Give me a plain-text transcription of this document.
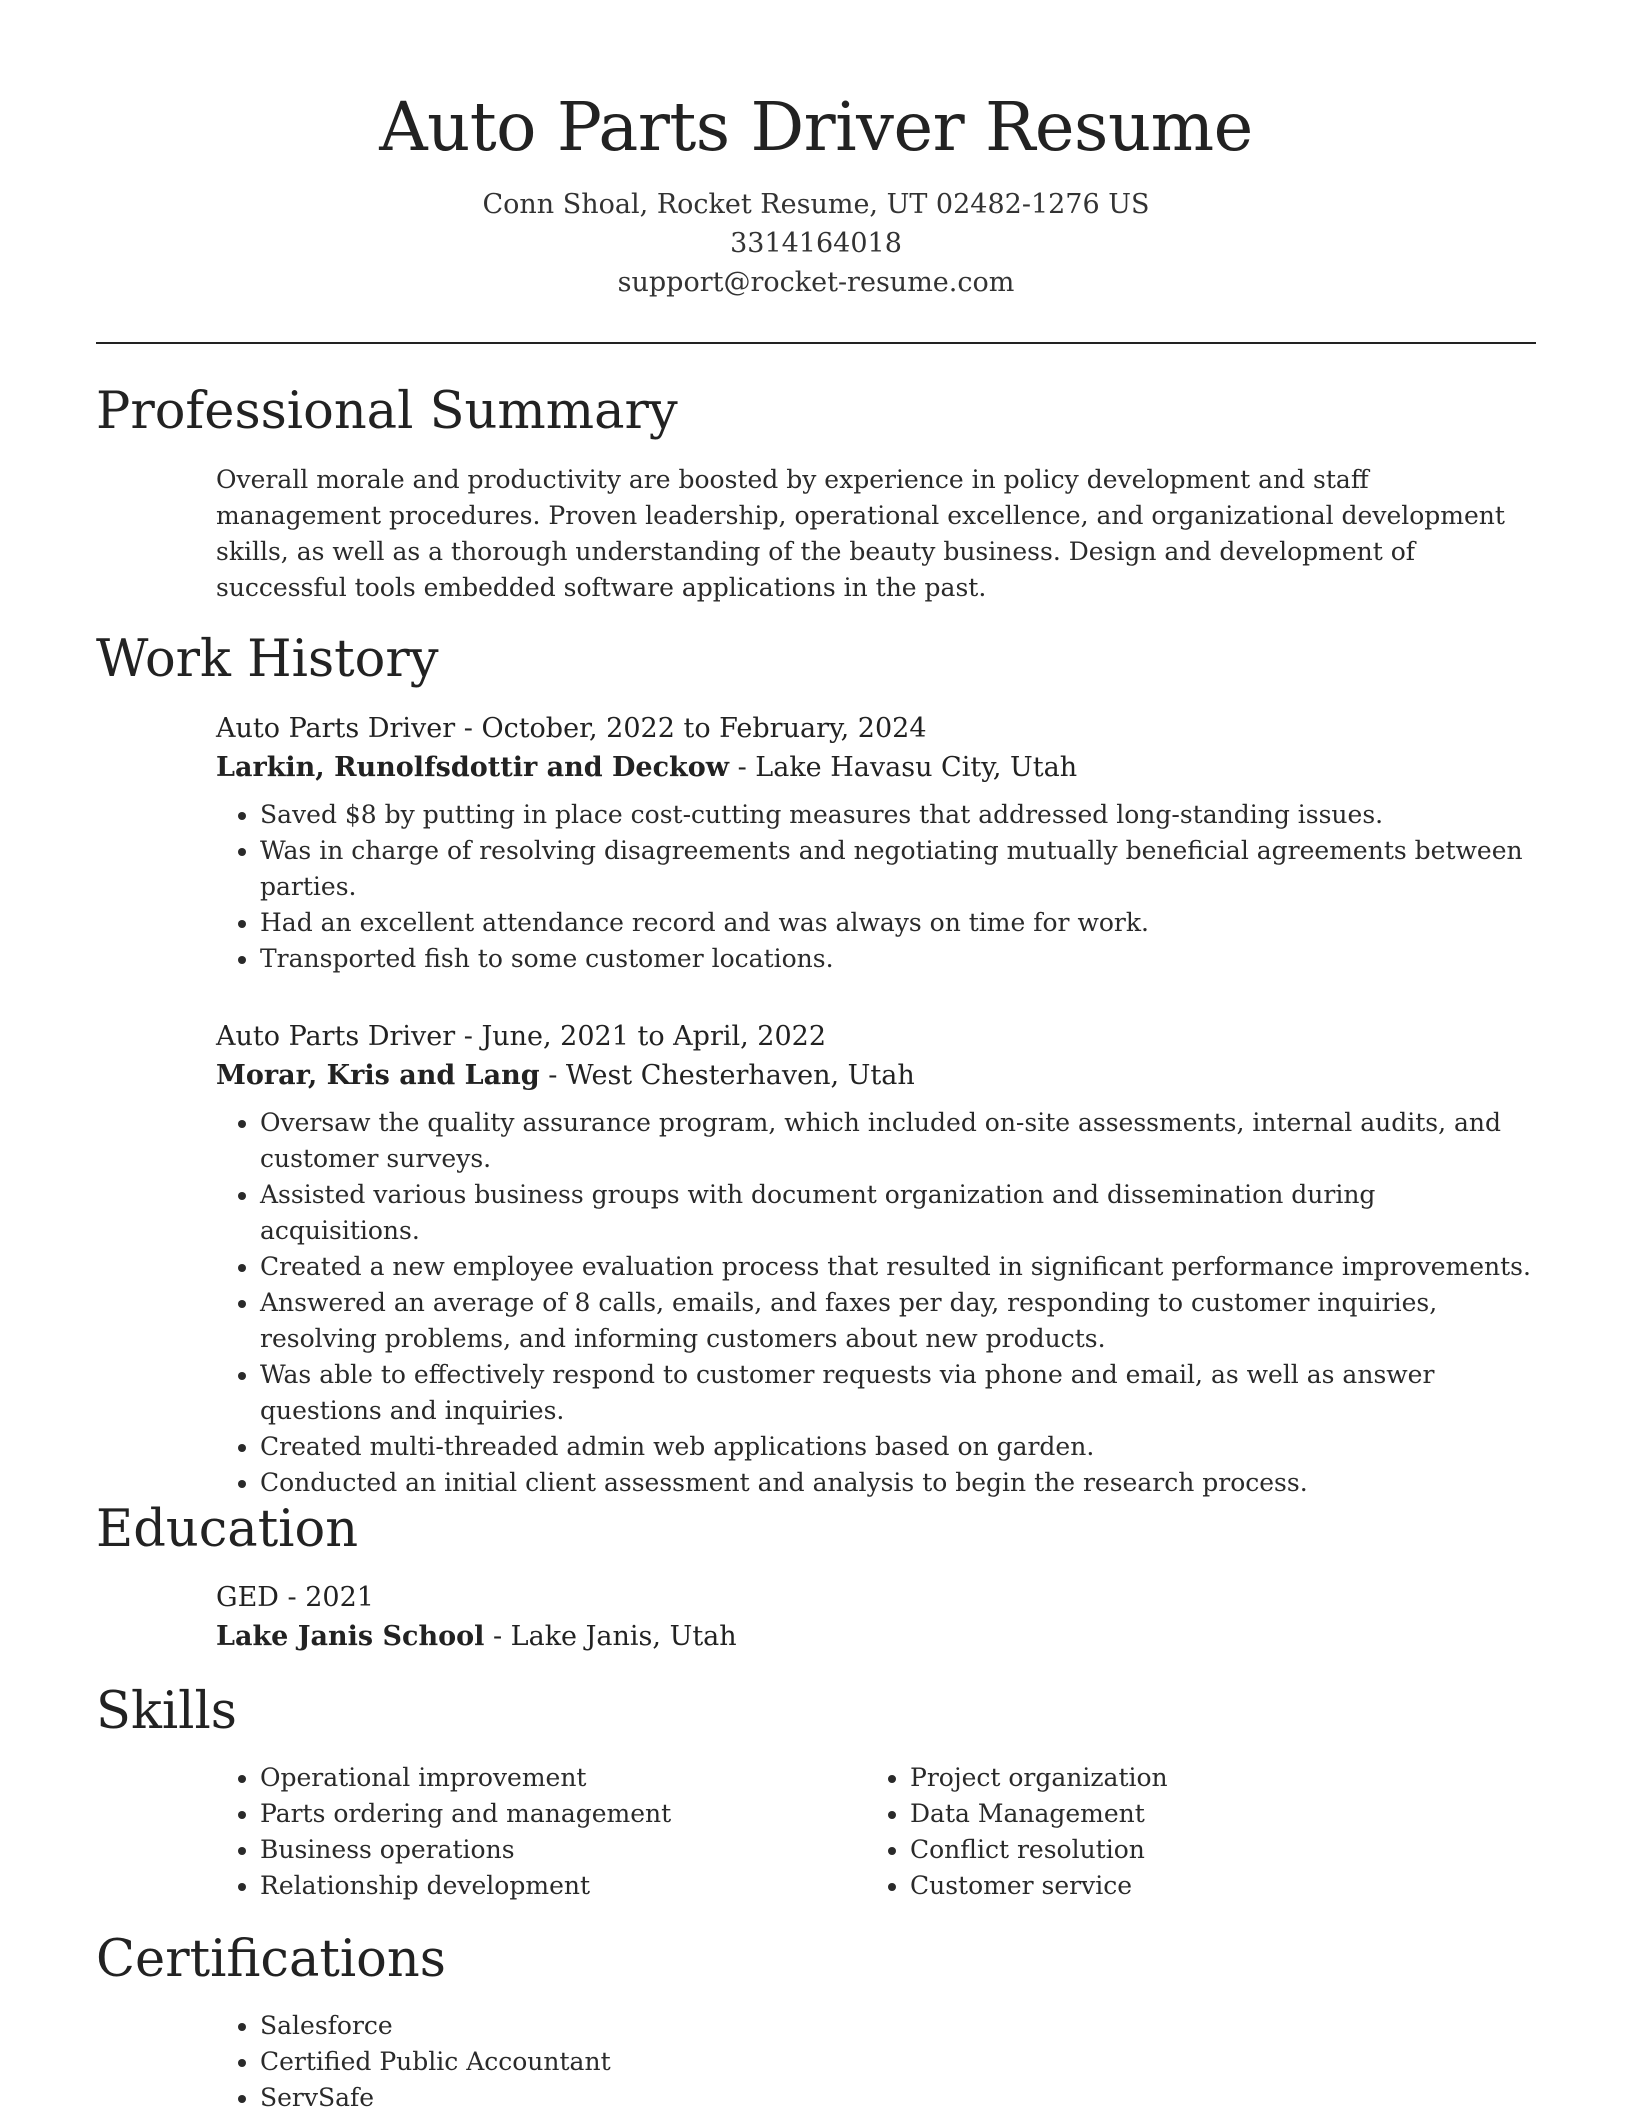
Auto Parts Driver Resume
Conn Shoal, Rocket Resume, UT 02482-1276 US
3314164018
support@rocket-resume.com
Professional Summary

Overall morale and productivity are boosted by experience in policy development and staff management procedures. Proven leadership, operational excellence, and organizational development skills, as well as a thorough understanding of the beauty business. Design and development of successful tools embedded software applications in the past.

Work History
Auto Parts Driver - October, 2022 to February, 2024
Larkin, Runolfsdottir and Deckow - Lake Havasu City, Utah
• Saved $8 by putting in place cost-cutting measures that addressed long-standing issues.
• Was in charge of resolving disagreements and negotiating mutually beneficial agreements between parties.
• Had an excellent attendance record and was always on time for work.
• Transported fish to some customer locations.
Auto Parts Driver - June, 2021 to April, 2022
Morar, Kris and Lang - West Chesterhaven, Utah
• Oversaw the quality assurance program, which included on-site assessments, internal audits, and customer surveys.
• Assisted various business groups with document organization and dissemination during acquisitions.
• Created a new employee evaluation process that resulted in significant performance improvements.
• Answered an average of 8 calls, emails, and faxes per day, responding to customer inquiries, resolving problems, and informing customers about new products.
• Was able to effectively respond to customer requests via phone and email, as well as answer questions and inquiries.
• Created multi-threaded admin web applications based on garden.
• Conducted an initial client assessment and analysis to begin the research process.
Education
GED - 2021
Lake Janis School - Lake Janis, Utah
Skills
• Operational improvement
• Parts ordering and management
• Business operations
• Relationship development
• Project organization
• Data Management
• Conflict resolution
• Customer service
Certifications
• Salesforce
• Certified Public Accountant
• ServSafe
